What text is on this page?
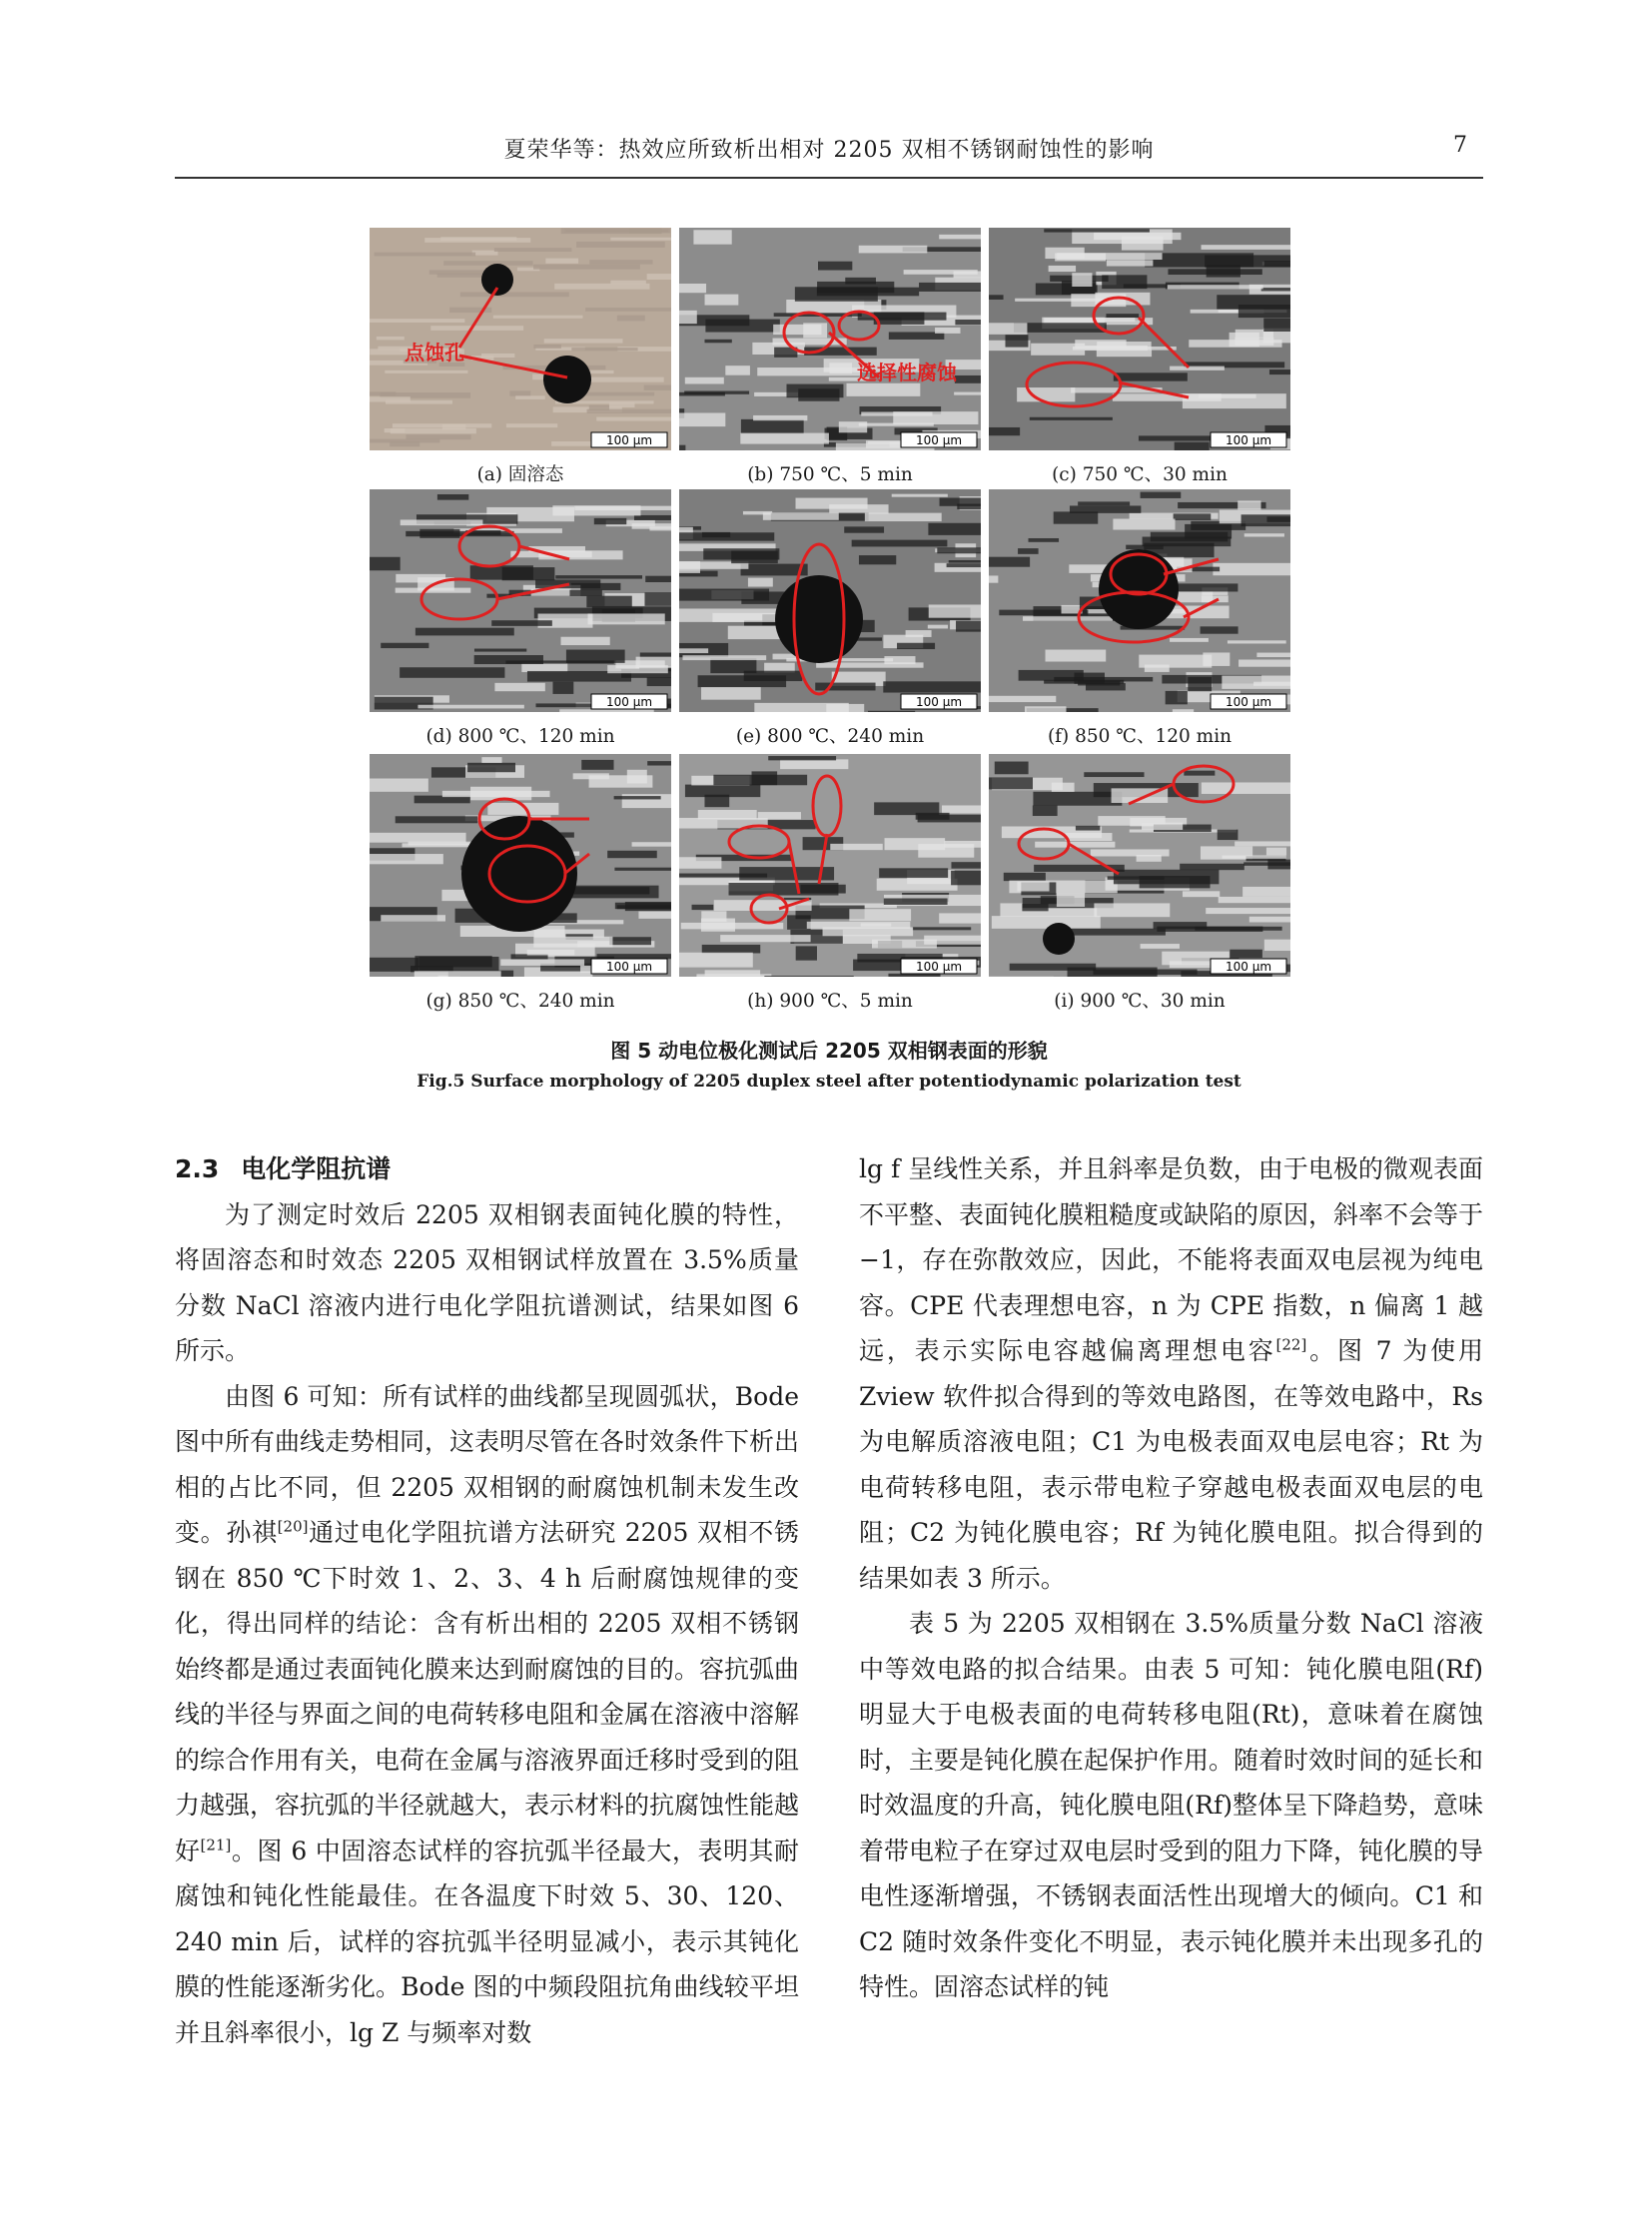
夏荣华等：热效应所致析出相对 2205 双相不锈钢耐蚀性的影响	7
点蚀孔
100 μm
(a) 固溶态
选择性腐蚀
100 μm
(b) 750 ℃、5 min
100 μm
(c) 750 ℃、30 min
100 μm
(d) 800 ℃、120 min
100 μm
(e) 800 ℃、240 min
100 μm
(f) 850 ℃、120 min
100 μm
(g) 850 ℃、240 min
100 μm
(h) 900 ℃、5 min
100 μm
(i) 900 ℃、30 min
图 5 动电位极化测试后 2205 双相钢表面的形貌
Fig.5 Surface morphology of 2205 duplex steel after potentiodynamic polarization test

2.3 电化学阻抗谱

为了测定时效后 2205 双相钢表面钝化膜的特性，将固溶态和时效态 2205 双相钢试样放置在 3.5%质量分数 NaCl 溶液内进行电化学阻抗谱测试，结果如图 6 所示。

由图 6 可知：所有试样的曲线都呈现圆弧状，Bode 图中所有曲线走势相同，这表明尽管在各时效条件下析出相的占比不同，但 2205 双相钢的耐腐蚀机制未发生改变。孙祺[20]通过电化学阻抗谱方法研究 2205 双相不锈钢在 850 ℃下时效 1、2、3、4 h 后耐腐蚀规律的变化，得出同样的结论：含有析出相的 2205 双相不锈钢始终都是通过表面钝化膜来达到耐腐蚀的目的。容抗弧曲线的半径与界面之间的电荷转移电阻和金属在溶液中溶解的综合作用有关，电荷在金属与溶液界面迁移时受到的阻力越强，容抗弧的半径就越大，表示材料的抗腐蚀性能越好[21]。图 6 中固溶态试样的容抗弧半径最大，表明其耐腐蚀和钝化性能最佳。在各温度下时效 5、30、120、240 min 后，试样的容抗弧半径明显减小，表示其钝化膜的性能逐渐劣化。Bode 图的中频段阻抗角曲线较平坦并且斜率很小，lg Z 与频率对数

lg f 呈线性关系，并且斜率是负数，由于电极的微观表面不平整、表面钝化膜粗糙度或缺陷的原因，斜率不会等于−1，存在弥散效应，因此，不能将表面双电层视为纯电容。CPE 代表理想电容，n 为 CPE 指数，n 偏离 1 越远，表示实际电容越偏离理想电容[22]。图 7 为使用 Zview 软件拟合得到的等效电路图，在等效电路中，Rs 为电解质溶液电阻；C1 为电极表面双电层电容；Rt 为电荷转移电阻，表示带电粒子穿越电极表面双电层的电阻；C2 为钝化膜电容；Rf 为钝化膜电阻。拟合得到的结果如表 3 所示。

表 5 为 2205 双相钢在 3.5%质量分数 NaCl 溶液中等效电路的拟合结果。由表 5 可知：钝化膜电阻(Rf)明显大于电极表面的电荷转移电阻(Rt)，意味着在腐蚀时，主要是钝化膜在起保护作用。随着时效时间的延长和时效温度的升高，钝化膜电阻(Rf)整体呈下降趋势，意味着带电粒子在穿过双电层时受到的阻力下降，钝化膜的导电性逐渐增强，不锈钢表面活性出现增大的倾向。C1 和 C2 随时效条件变化不明显，表示钝化膜并未出现多孔的特性。固溶态试样的钝
